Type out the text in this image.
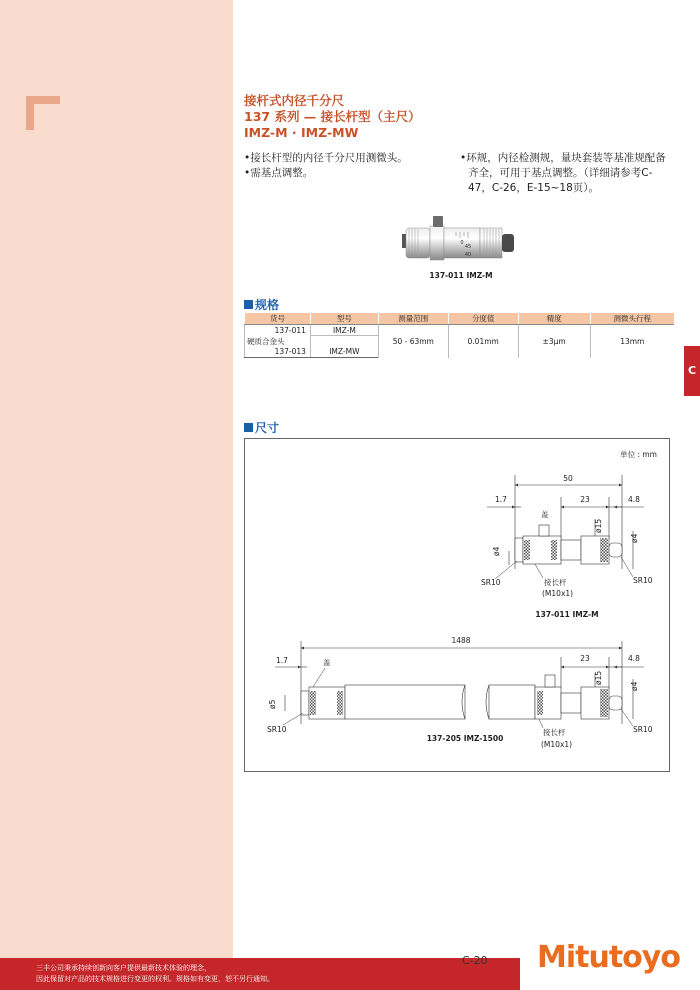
接杆式内径千分尺
137 系列 — 接长杆型（主尺）
IMZ-M · IMZ-MW
•接长杆型的内径千分尺用测微头。
•需基点调整。
•环规，内径检测规，量块套装等基准规配备齐全，可用于基点调整。（详细请参考C-47，C-26，E-15~18页）。
0
45
40
137-011 IMZ-M
规格
货号	型号	测量范围	分度值	精度	测微头行程
137-011	IMZ-M	50 - 63mm	0.01mm	±3μm	13mm
硬质合金头					
137-013	IMZ-MW				
C
尺寸
单位 : mm
50
1.7	23	4.8
盖
ø15
ø4
ø4
SR10	SR10
接长杆
(M10x1)
137-011 IMZ-M
1488
1.7	23	4.8
盖
ø15
ø4
ø5
SR10	SR10
接长杆
(M10x1)
137-205 IMZ-1500
三丰公司秉承持续创新向客户提供最新技术体验的理念，
因此保留对产品的技术规格进行变更的权利。规格如有变更，恕不另行通知。
C-20 Mitutoyo
